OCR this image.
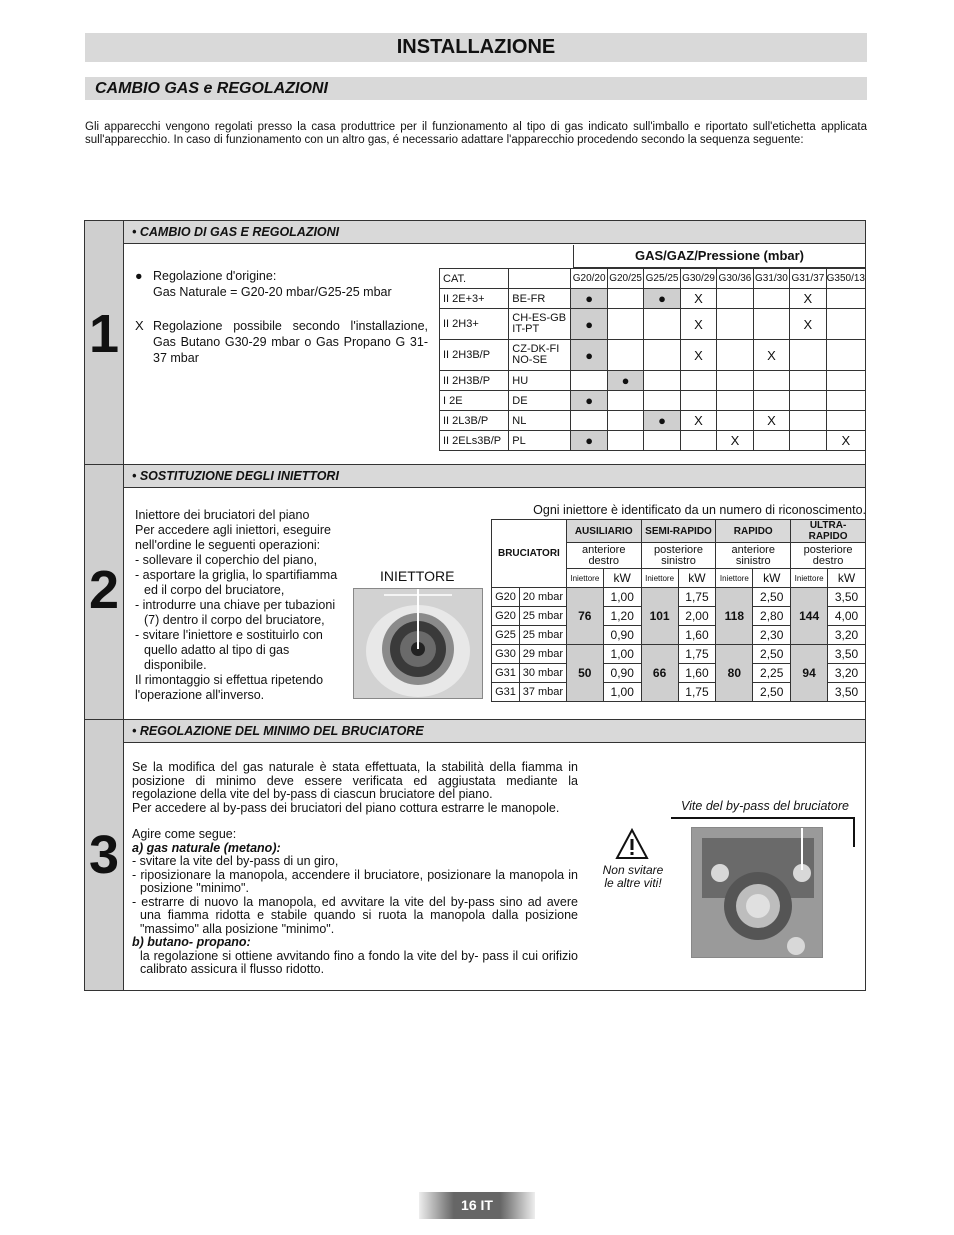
INSTALLAZIONE
CAMBIO GAS e REGOLAZIONI
Gli apparecchi vengono regolati presso la casa produttrice per il funzionamento al tipo di gas indicato sull'imballo e riportato sull'etichetta applicata sull'apparecchio. In caso di funzionamento con un altro gas, é necessario adattare l'apparecchio procedendo secondo la sequenza seguente:
1
2
3
• CAMBIO DI GAS E REGOLAZIONI
● Regolazione d'origine:
Gas Naturale = G20-20 mbar/G25-25 mbar
X Regolazione possibile secondo l'installazione, Gas Butano G30-29 mbar o Gas Propano G 31-37 mbar
GAS/GAZ/Pressione (mbar)
CAT.		G20/20	G20/25	G25/25	G30/29	G30/36	G31/30	G31/37	G350/13
II 2E+3+	BE-FR	●		●	X			X	
II 2H3+	CH-ES-GB IT-PT	●			X			X	
II 2H3B/P	CZ-DK-FI NO-SE	●			X		X		
II 2H3B/P	HU		●						
I 2E	DE	●							
II 2L3B/P	NL			●	X		X		
II 2ELs3B/P	PL	●				X			X
• SOSTITUZIONE DEGLI INIETTORI
Iniettore dei bruciatori del piano
Per accedere agli iniettori, eseguire
nell'ordine le seguenti operazioni:
- sollevare il coperchio del piano,
- asportare la griglia, lo spartifiamma
ed il corpo del bruciatore,
- introdurre una chiave per tubazioni
(7) dentro il corpo del bruciatore,
- svitare l'iniettore e sostituirlo con
quello adatto al tipo di gas
disponibile.
Il rimontaggio si effettua ripetendo
l'operazione all'inverso.
INIETTORE
Ogni iniettore è identificato da un numero di riconoscimento.
BRUCIATORI		AUSILIARIO		SEMI-RAPIDO		RAPIDO		ULTRA-RAPIDO	
		anteriore destro		posteriore sinistro		anteriore sinistro		posteriore destro	
		Iniettore	kW	Iniettore	kW	Iniettore	kW	Iniettore	kW
G20	20 mbar	76	1,00	101	1,75	118	2,50	144	3,50
G20	25 mbar		1,20		2,00		2,80		4,00
G25	25 mbar		0,90		1,60		2,30		3,20
G30	29 mbar	50	1,00	66	1,75	80	2,50	94	3,50
G31	30 mbar		0,90		1,60		2,25		3,20
G31	37 mbar		1,00		1,75		2,50		3,50
• REGOLAZIONE DEL MINIMO DEL BRUCIATORE
Se la modifica del gas naturale è stata effettuata, la stabilità della fiamma in posizione di minimo deve essere verificata ed aggiustata mediante la regolazione della vite del by-pass di ciascun bruciatore del piano.
Per accedere al by-pass dei bruciatori del piano cottura estrarre le manopole.
Agire come segue:
a) gas naturale (metano):
- svitare la vite del by-pass di un giro,
- riposizionare la manopola, accendere il bruciatore, posizionare la manopola in posizione "minimo".
- estrarre di nuovo la manopola, ed avvitare la vite del by-pass sino ad avere una fiamma ridotta e stabile quando si ruota la manopola dalla posizione "massimo" alla posizione "minimo".
b) butano- propano:
la regolazione si ottiene avvitando fino a fondo la vite del by- pass il cui orifizio calibrato assicura il flusso ridotto.
Non svitare
le altre viti!
Vite del by-pass del bruciatore
16 IT
